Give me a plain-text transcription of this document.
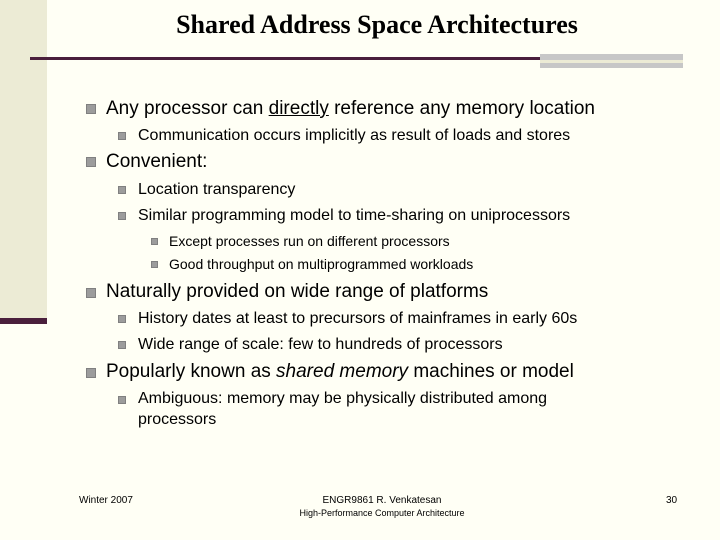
Shared Address Space Architectures
Any processor can directly reference any memory location
Communication occurs implicitly as result of loads and stores
Convenient:
Location transparency
Similar programming model to time-sharing on uniprocessors
Except processes run on different processors
Good throughput on multiprogrammed workloads
Naturally provided on wide range of platforms
History dates at least to precursors of mainframes in early 60s
Wide range of scale: few to hundreds of processors
Popularly known as shared memory machines or model
Ambiguous: memory may be physically distributed among
processors
Winter 2007	ENGR9861 R. Venkatesan
High-Performance Computer Architecture
30
